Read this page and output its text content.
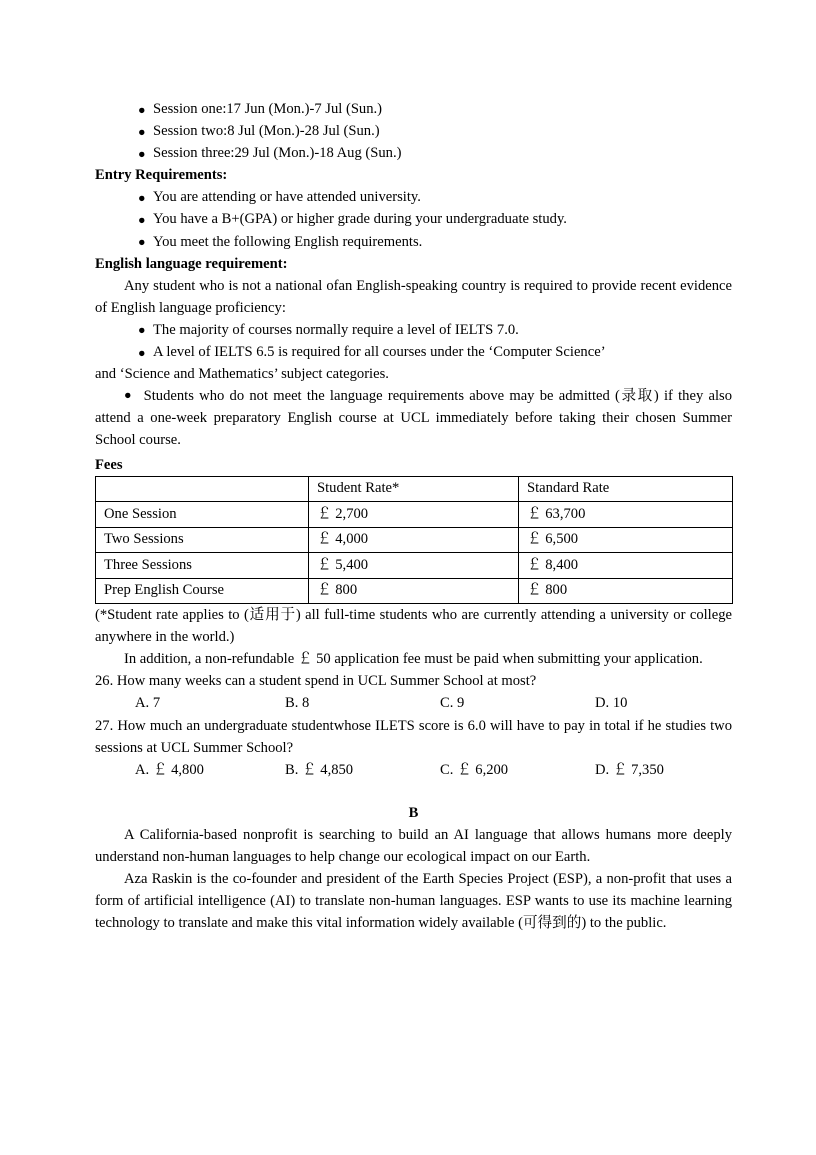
● Session one:17 Jun (Mon.)-7 Jul (Sun.)

● Session two:8 Jul (Mon.)-28 Jul (Sun.)

● Session three:29 Jul (Mon.)-18 Aug (Sun.)

Entry Requirements:

● You are attending or have attended university.

● You have a B+(GPA) or higher grade during your undergraduate study.

● You meet the following English requirements.

English language requirement:

Any student who is not a national ofan English-speaking country is required to provide recent evidence of English language proficiency:

● The majority of courses normally require a level of IELTS 7.0.

● A level of IELTS 6.5 is required for all courses under the ‘Computer Science’

and ‘Science and Mathematics’ subject categories.

● Students who do not meet the language requirements above may be admitted (录取) if they also attend a one-week preparatory English course at UCL immediately before taking their chosen Summer School course.

Fees

	Student Rate*	Standard Rate
One Session	￡ 2,700	￡ 63,700
Two Sessions	￡ 4,000	￡ 6,500
Three Sessions	￡ 5,400	￡ 8,400
Prep English Course	￡ 800	￡ 800

(*Student rate applies to (适用于) all full-time students who are currently attending a university or college anywhere in the world.)

In addition, a non-refundable ￡ 50 application fee must be paid when submitting your application.

26. How many weeks can a student spend in UCL Summer School at most?

A. 7	B. 8	C. 9	D. 10

27. How much an undergraduate studentwhose ILETS score is 6.0 will have to pay in total if he studies two sessions at UCL Summer School?

A. ￡ 4,800	B. ￡ 4,850	C. ￡ 6,200	D. ￡ 7,350

B

A California-based nonprofit is searching to build an AI language that allows humans more deeply understand non-human languages to help change our ecological impact on our Earth.

Aza Raskin is the co-founder and president of the Earth Species Project (ESP), a non-profit that uses a form of artificial intelligence (AI) to translate non-human languages. ESP wants to use its machine learning technology to translate and make this vital information widely available (可得到的) to the public.
